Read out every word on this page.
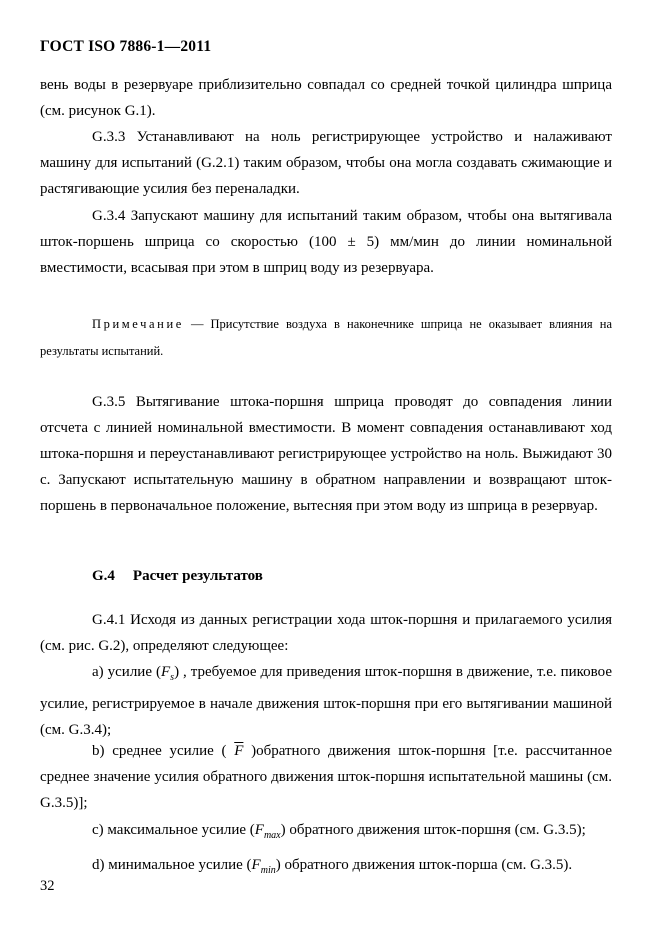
ГОСТ ISO 7886-1—2011

вень воды в резервуаре приблизительно совпадал со средней точкой цилиндра шприца (см. рисунок G.1).

G.3.3 Устанавливают на ноль регистрирующее устройство и налаживают машину для испытаний (G.2.1) таким образом, чтобы она могла создавать сжимающие и растягивающие усилия без переналадки.

G.3.4 Запускают машину для испытаний таким образом, чтобы она вытягивала шток-поршень шприца со скоростью (100 ± 5) мм/мин до линии номинальной вместимости, всасывая при этом в шприц воду из резервуара.

Примечание — Присутствие воздуха в наконечнике шприца не оказывает влияния на результаты испытаний.

G.3.5 Вытягивание штока-поршня шприца проводят до совпадения линии отсчета с линией номинальной вместимости. В момент совпадения останавливают ход штока-поршня и переустанавливают регистрирующее устройство на ноль. Выжидают 30 с. Запускают испытательную машину в обратном направлении и возвращают шток-поршень в первоначальное положение, вытесняя при этом воду из шприца в резервуар.

G.4 Расчет результатов

G.4.1 Исходя из данных регистрации хода шток-поршня и прилагаемого усилия (см. рис. G.2), определяют следующее:

а) усилие $(F_s)$ , требуемое для приведения шток-поршня в движение, т.е. пиковое усилие, регистрируемое в начале движения шток-поршня при его вытягивании машиной (см. G.3.4);

b) среднее усилие ( $\overline{F}$ )обратного движения шток-поршня [т.е. рассчитанное среднее значение усилия обратного движения шток-поршня испытательной машины (см. G.3.5)];

с) максимальное усилие $(F_{max})$ обратного движения шток-поршня (см. G.3.5);

d) минимальное усилие $(F_{min})$ обратного движения шток-порша (см. G.3.5).

32
